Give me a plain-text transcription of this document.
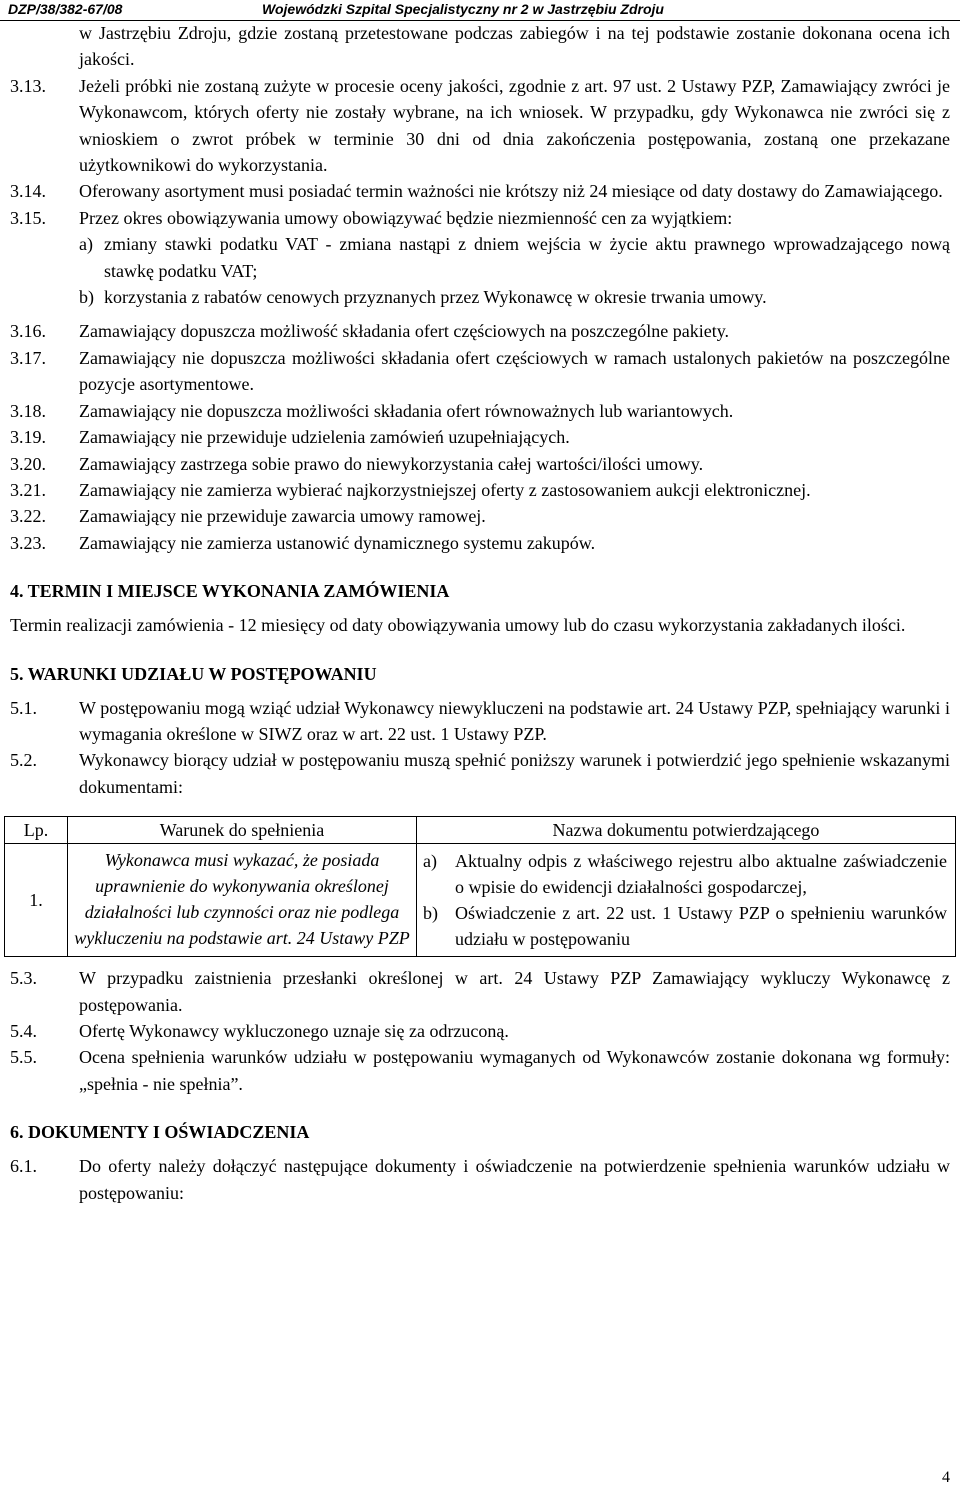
DZP/38/382-67/08	Wojewódzki Szpital Specjalistyczny nr 2 w Jastrzębiu Zdroju
w Jastrzębiu Zdroju, gdzie zostaną przetestowane podczas zabiegów i na tej podstawie zostanie dokonana ocena ich jakości.
3.13.	Jeżeli próbki nie zostaną zużyte w procesie oceny jakości, zgodnie z art. 97 ust. 2 Ustawy PZP, Zamawiający zwróci je Wykonawcom, których oferty nie zostały wybrane, na ich wniosek. W przypadku, gdy Wykonawca nie zwróci się z wnioskiem o zwrot próbek w terminie 30 dni od dnia zakończenia postępowania, zostaną one przekazane użytkownikowi do wykorzystania.
3.14.	Oferowany asortyment musi posiadać termin ważności nie krótszy niż 24 miesiące od daty dostawy do Zamawiającego.
3.15.	Przez okres obowiązywania umowy obowiązywać będzie niezmienność cen za wyjątkiem:
a) zmiany stawki podatku VAT - zmiana nastąpi z dniem wejścia w życie aktu prawnego wprowadzającego nową stawkę podatku VAT;
b) korzystania z rabatów cenowych przyznanych przez Wykonawcę w okresie trwania umowy.
3.16.	Zamawiający dopuszcza możliwość składania ofert częściowych na poszczególne pakiety.
3.17.	Zamawiający nie dopuszcza możliwości składania ofert częściowych w ramach ustalonych pakietów na poszczególne pozycje asortymentowe.
3.18.	Zamawiający nie dopuszcza możliwości składania ofert równoważnych lub wariantowych.
3.19.	Zamawiający nie przewiduje udzielenia zamówień uzupełniających.
3.20.	Zamawiający zastrzega sobie prawo do niewykorzystania całej wartości/ilości umowy.
3.21.	Zamawiający nie zamierza wybierać najkorzystniejszej oferty z zastosowaniem aukcji elektronicznej.
3.22.	Zamawiający nie przewiduje zawarcia umowy ramowej.
3.23.	Zamawiający nie zamierza ustanowić dynamicznego systemu zakupów.
4. TERMIN I MIEJSCE WYKONANIA ZAMÓWIENIA
Termin realizacji zamówienia - 12 miesięcy od daty obowiązywania umowy lub do czasu wykorzystania zakładanych ilości.
5. WARUNKI UDZIAŁU W POSTĘPOWANIU
5.1.	W postępowaniu mogą wziąć udział Wykonawcy niewykluczeni na podstawie art. 24 Ustawy PZP, spełniający warunki i wymagania określone w SIWZ oraz w art. 22 ust. 1 Ustawy PZP.
5.2.	Wykonawcy biorący udział w postępowaniu muszą spełnić poniższy warunek i potwierdzić jego spełnienie wskazanymi dokumentami:
Lp.	Warunek do spełnienia	Nazwa dokumentu potwierdzającego
1.	Wykonawca musi wykazać, że posiada uprawnienie do wykonywania określonej działalności lub czynności oraz nie podlega wykluczeniu na podstawie art. 24 Ustawy PZP	a) Aktualny odpis z właściwego rejestru albo aktualne zaświadczenie o wpisie do ewidencji działalności gospodarczej,
b) Oświadczenie z art. 22 ust. 1 Ustawy PZP o spełnieniu warunków udziału w postępowaniu
5.3.	W przypadku zaistnienia przesłanki określonej w art. 24 Ustawy PZP Zamawiający wykluczy Wykonawcę z postępowania.
5.4.	Ofertę Wykonawcy wykluczonego uznaje się za odrzuconą.
5.5.	Ocena spełnienia warunków udziału w postępowaniu wymaganych od Wykonawców zostanie dokonana wg formuły: „spełnia - nie spełnia”.
6. DOKUMENTY I OŚWIADCZENIA
6.1.	Do oferty należy dołączyć następujące dokumenty i oświadczenie na potwierdzenie spełnienia warunków udziału w postępowaniu:
4
